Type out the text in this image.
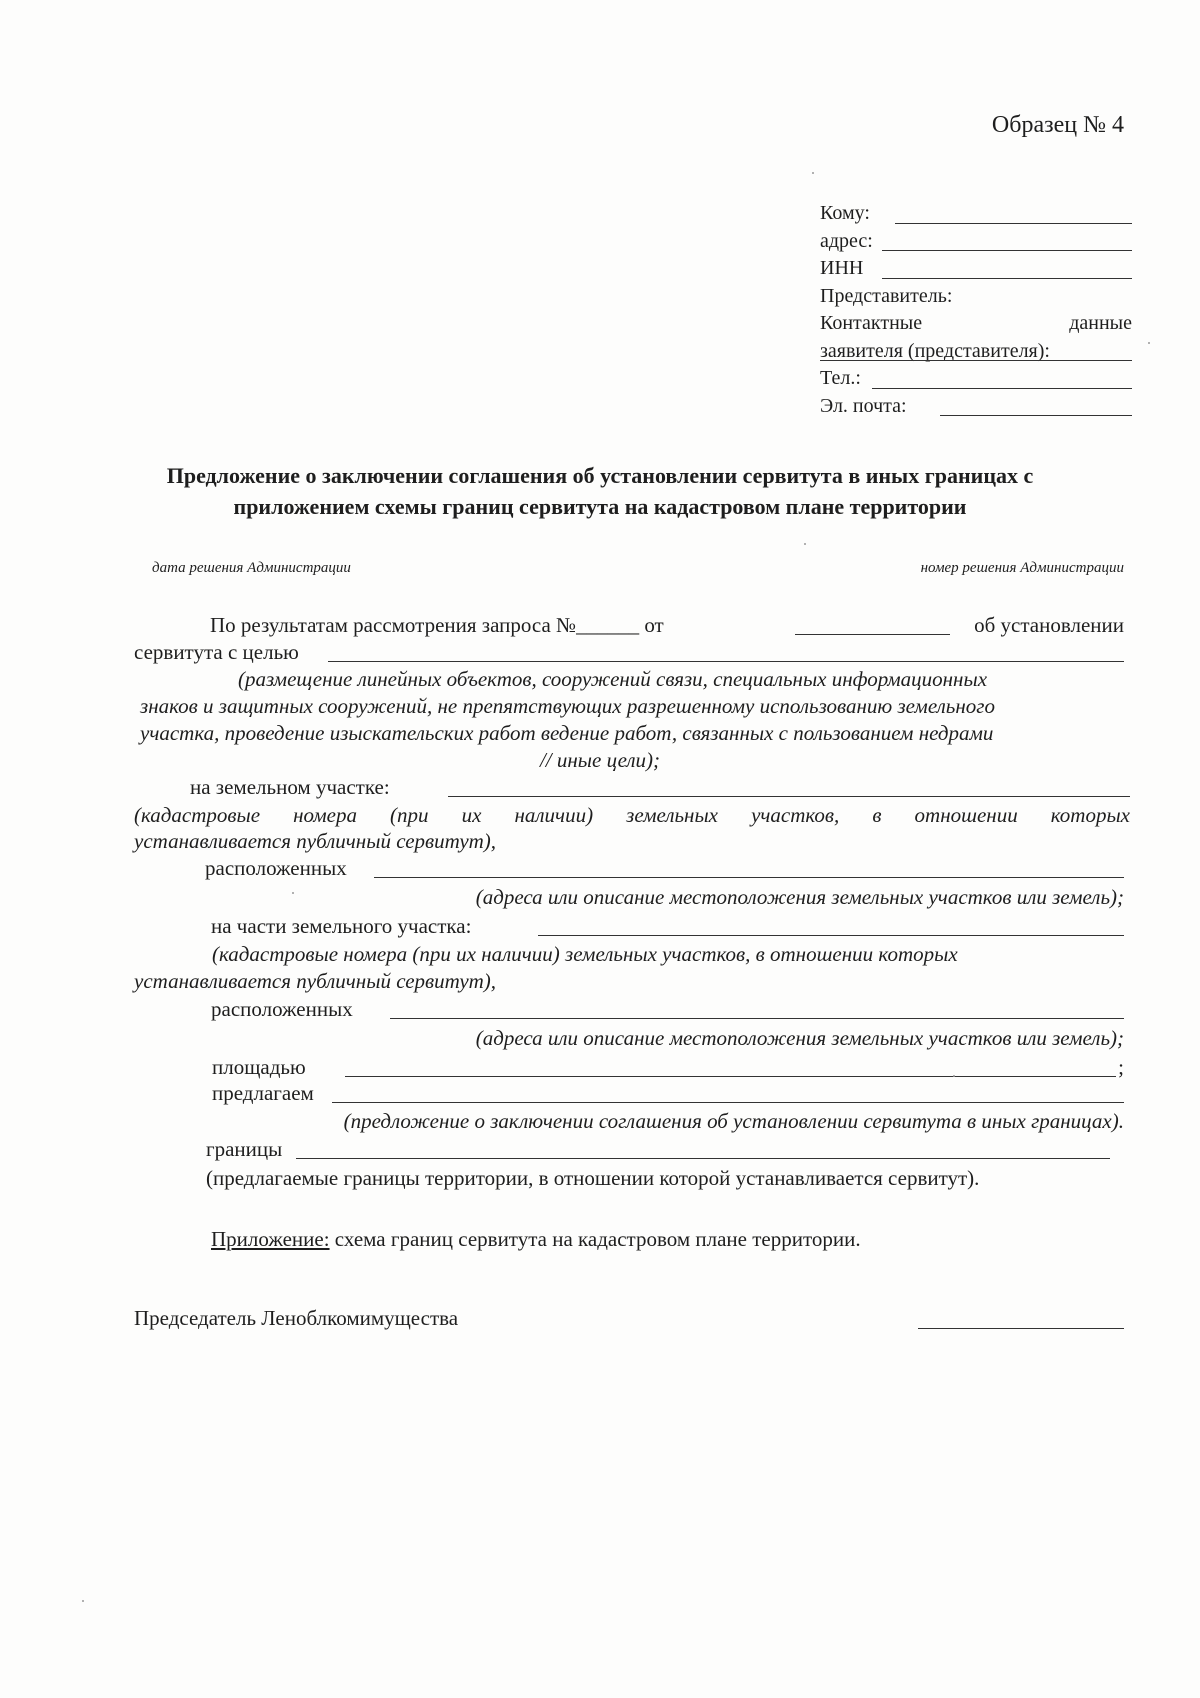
Образец № 4
Кому:
адрес:
ИНН
Представитель:
Контактные	данные
заявителя (представителя):
Тел.:
Эл. почта:
Предложение о заключении соглашения об установлении сервитута в иных границах с приложением схемы границ сервитута на кадастровом плане территории
дата решения Администрации	номер решения Администрации
По результатам рассмотрения запроса №______ от	об установлении
сервитута с целью
(размещение линейных объектов, сооружений связи, специальных информационных
знаков и защитных сооружений, не препятствующих разрешенному использованию земельного
участка, проведение изыскательских работ ведение работ, связанных с пользованием недрами
// иные цели);
на земельном участке:
(кадастровые номера (при их наличии) земельных участков, в отношении которых
устанавливается публичный сервитут),
расположенных
(адреса или описание местоположения земельных участков или земель);
на части земельного участка:
(кадастровые номера (при их наличии) земельных участков, в отношении которых
устанавливается публичный сервитут),
расположенных
(адреса или описание местоположения земельных участков или земель);
площадью	;
предлагаем
(предложение о заключении соглашения об установлении сервитута в иных границах).
границы
(предлагаемые границы территории, в отношении которой устанавливается сервитут).
Приложение: схема границ сервитута на кадастровом плане территории.
Председатель Леноблкомимущества
